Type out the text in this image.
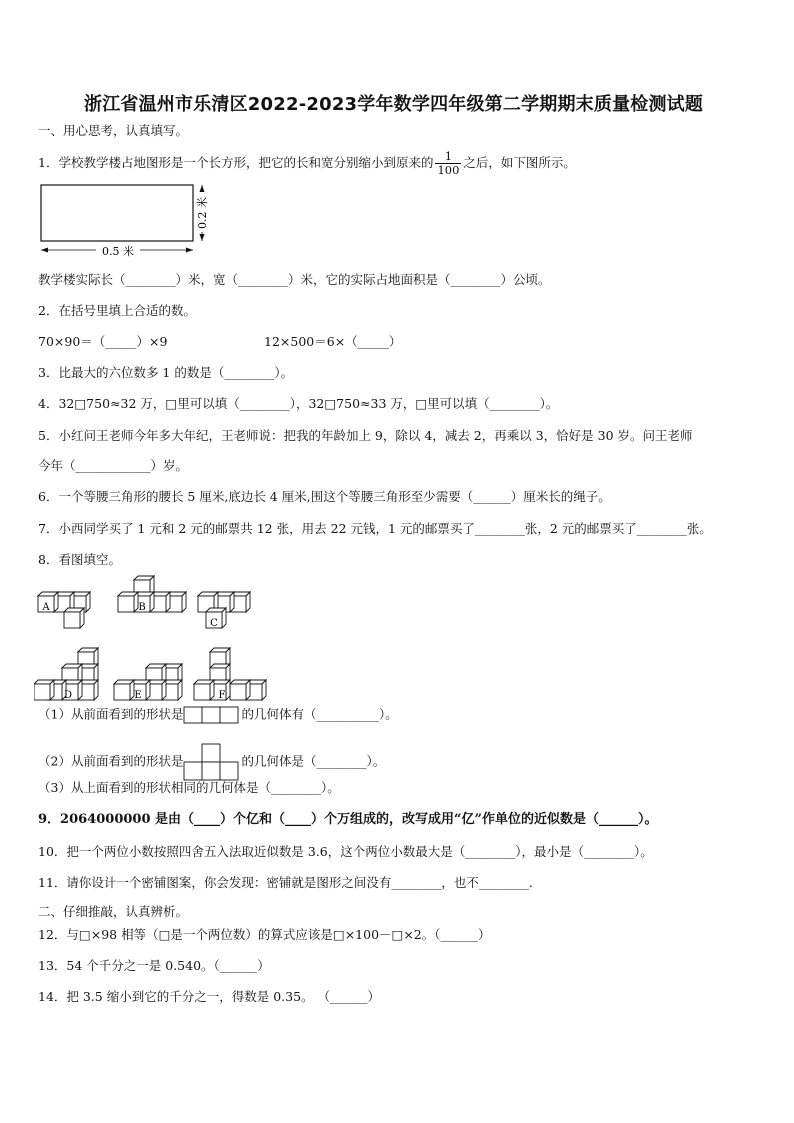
浙江省温州市乐清区2022-2023学年数学四年级第二学期期末质量检测试题
一、用心思考，认真填写。
1．学校教学楼占地图形是一个长方形，把它的长和宽分别缩小到原来的 $\frac{1}{100}$ 之后，如下图所示。
0.5 米
0.2 米
教学楼实际长（________）米，宽（________）米，它的实际占地面积是（________）公顷。
2．在括号里填上合适的数。
70×90＝（_____）×9	12×500＝6×（_____）
3．比最大的六位数多 1 的数是（________）。
4．32□750≈32 万，□里可以填（________），32□750≈33 万，□里可以填（________）。
5．小红问王老师今年多大年纪，王老师说：把我的年龄加上 9，除以 4，减去 2，再乘以 3，恰好是 30 岁。问王老师
今年（____________）岁。
6．一个等腰三角形的腰长 5 厘米,底边长 4 厘米,围这个等腰三角形至少需要（______）厘米长的绳子。
7．小西同学买了 1 元和 2 元的邮票共 12 张，用去 22 元钱，1 元的邮票买了________张，2 元的邮票买了________张。
8．看图填空。
A	B
C
D	E	F
（1）从前面看到的形状是	的几何体有（__________）。
（2）从前面看到的形状是	的几何体是（________）。
（3）从上面看到的形状相同的几何体是（________）。
9．2064000000 是由（____）个亿和（____）个万组成的，改写成用“亿”作单位的近似数是（______）。
10．把一个两位小数按照四舍五入法取近似数是 3.6，这个两位小数最大是（________），最小是（________）。
11．请你设计一个密铺图案，你会发现：密铺就是图形之间没有________，也不________.
二、仔细推敲，认真辨析。
12．与□×98 相等（□是一个两位数）的算式应该是□×100－□×2。（______）
13．54 个千分之一是 0.540。（______）
14．把 3.5 缩小到它的千分之一，得数是 0.35。 （______）
